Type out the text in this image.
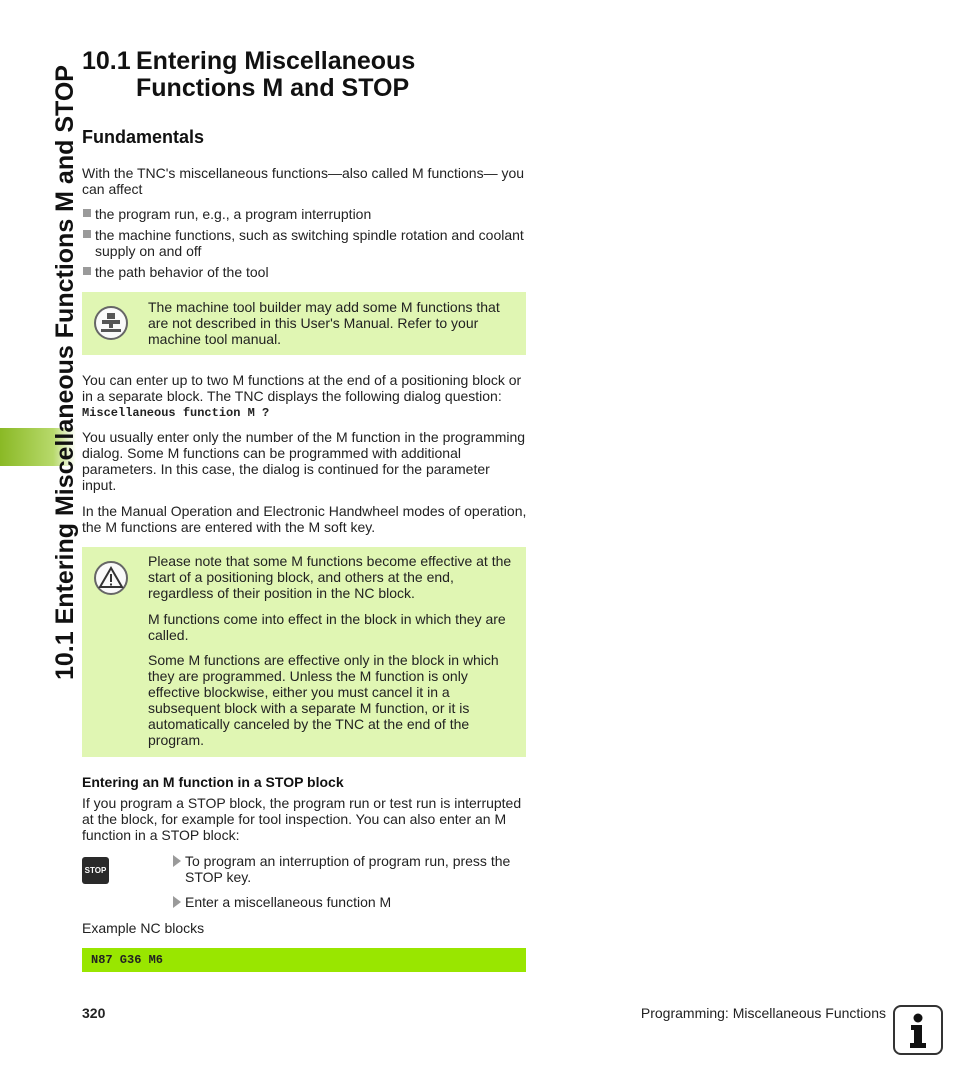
10.1 Entering Miscellaneous Functions M and STOP
10.1 Entering Miscellaneous
Functions M and STOP
Fundamentals
With the TNC's miscellaneous functions—also called M functions— you can affect
the program run, e.g., a program interruption
the machine functions, such as switching spindle rotation and coolant supply on and off
the path behavior of the tool
The machine tool builder may add some M functions that are not described in this User's Manual. Refer to your machine tool manual.
You can enter up to two M functions at the end of a positioning block or in a separate block. The TNC displays the following dialog question:
Miscellaneous function M ?
You usually enter only the number of the M function in the programming dialog. Some M functions can be programmed with additional parameters. In this case, the dialog is continued for the parameter input.
In the Manual Operation and Electronic Handwheel modes of operation, the M functions are entered with the M soft key.
Please note that some M functions become effective at the start of a positioning block, and others at the end, regardless of their position in the NC block.
M functions come into effect in the block in which they are called.
Some M functions are effective only in the block in which they are programmed. Unless the M function is only effective blockwise, either you must cancel it in a subsequent block with a separate M function, or it is automatically canceled by the TNC at the end of the program.
Entering an M function in a STOP block
If you program a STOP block, the program run or test run is interrupted at the block, for example for tool inspection. You can also enter an M function in a STOP block:
STOP
To program an interruption of program run, press the STOP key.
Enter a miscellaneous function M
Example NC blocks
N87 G36 M6
320	Programming: Miscellaneous Functions
